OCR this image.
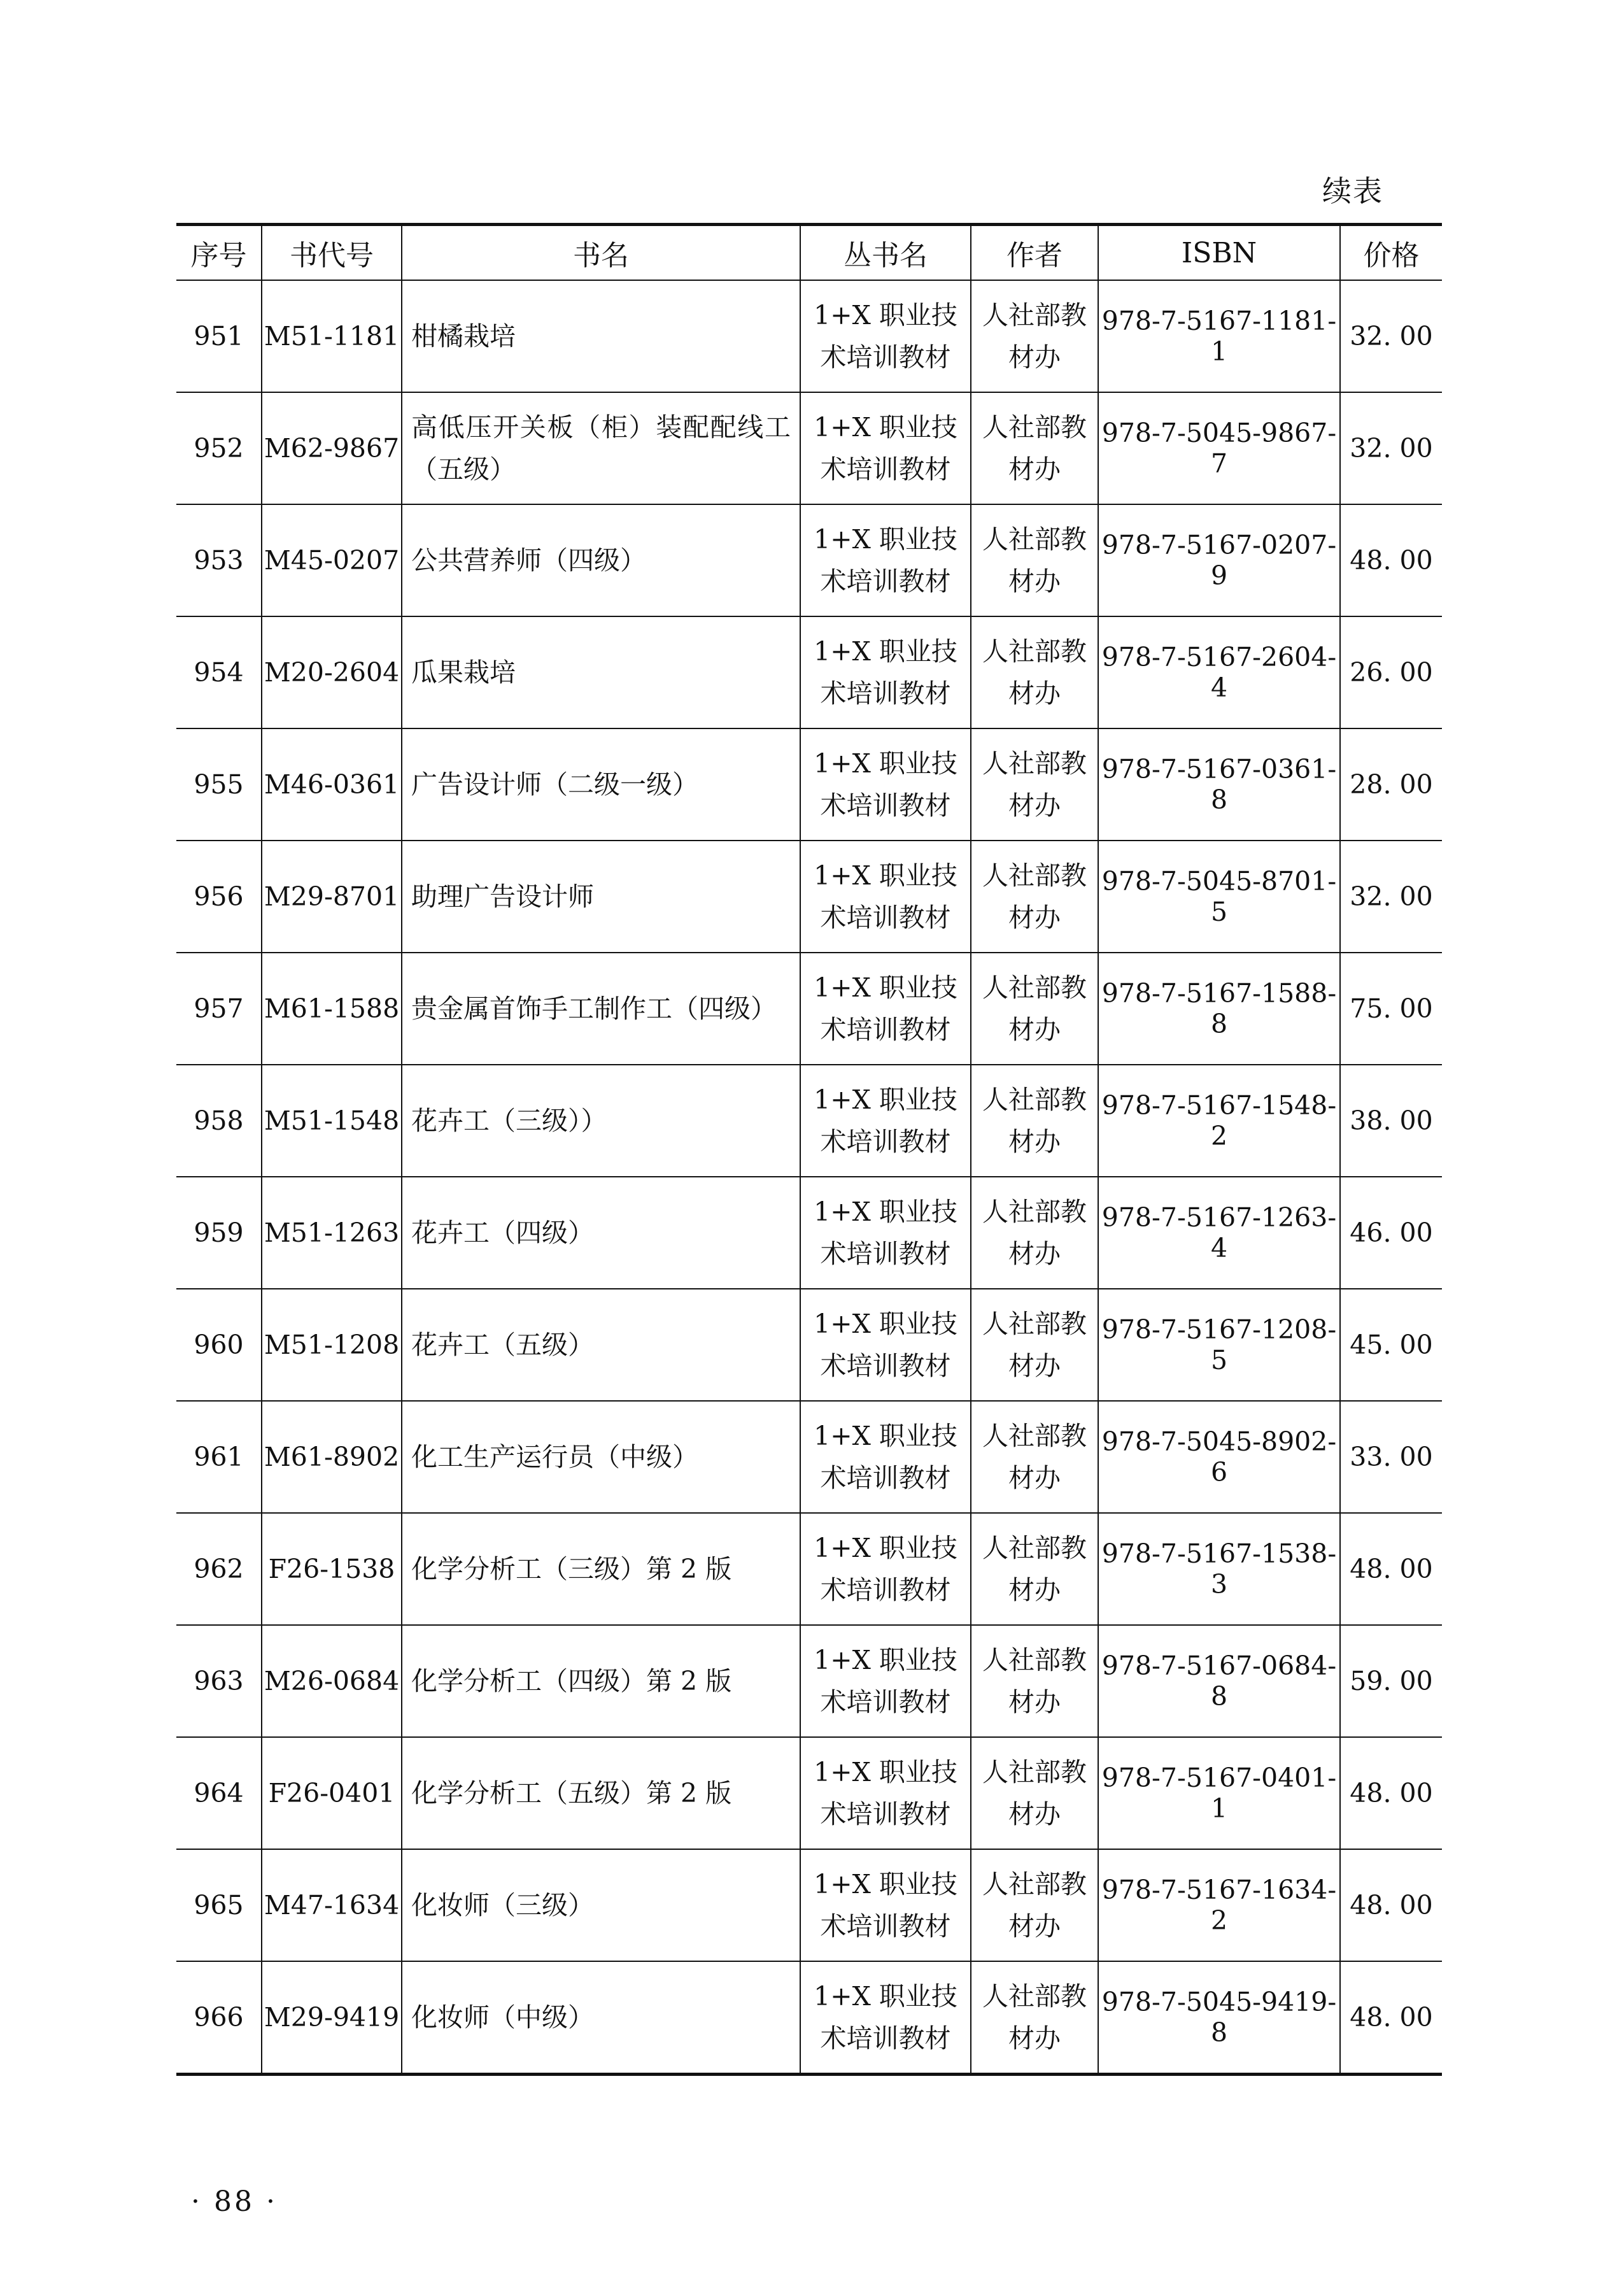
续表
序号	书代号	书名	丛书名	作者	ISBN	价格
951	M51-1181	柑橘栽培	1+X 职业技术培训教材	人社部教材办	978-7-5167-1181-1	32. 00
952	M62-9867	高低压开关板（柜）装配配线工（五级）	1+X 职业技术培训教材	人社部教材办	978-7-5045-9867-7	32. 00
953	M45-0207	公共营养师（四级）	1+X 职业技术培训教材	人社部教材办	978-7-5167-0207-9	48. 00
954	M20-2604	瓜果栽培	1+X 职业技术培训教材	人社部教材办	978-7-5167-2604-4	26. 00
955	M46-0361	广告设计师（二级一级）	1+X 职业技术培训教材	人社部教材办	978-7-5167-0361-8	28. 00
956	M29-8701	助理广告设计师	1+X 职业技术培训教材	人社部教材办	978-7-5045-8701-5	32. 00
957	M61-1588	贵金属首饰手工制作工（四级）	1+X 职业技术培训教材	人社部教材办	978-7-5167-1588-8	75. 00
958	M51-1548	花卉工（三级））	1+X 职业技术培训教材	人社部教材办	978-7-5167-1548-2	38. 00
959	M51-1263	花卉工（四级）	1+X 职业技术培训教材	人社部教材办	978-7-5167-1263-4	46. 00
960	M51-1208	花卉工（五级）	1+X 职业技术培训教材	人社部教材办	978-7-5167-1208-5	45. 00
961	M61-8902	化工生产运行员（中级）	1+X 职业技术培训教材	人社部教材办	978-7-5045-8902-6	33. 00
962	F26-1538	化学分析工（三级）第 2 版	1+X 职业技术培训教材	人社部教材办	978-7-5167-1538-3	48. 00
963	M26-0684	化学分析工（四级）第 2 版	1+X 职业技术培训教材	人社部教材办	978-7-5167-0684-8	59. 00
964	F26-0401	化学分析工（五级）第 2 版	1+X 职业技术培训教材	人社部教材办	978-7-5167-0401-1	48. 00
965	M47-1634	化妆师（三级）	1+X 职业技术培训教材	人社部教材办	978-7-5167-1634-2	48. 00
966	M29-9419	化妆师（中级）	1+X 职业技术培训教材	人社部教材办	978-7-5045-9419-8	48. 00
· 88 ·
